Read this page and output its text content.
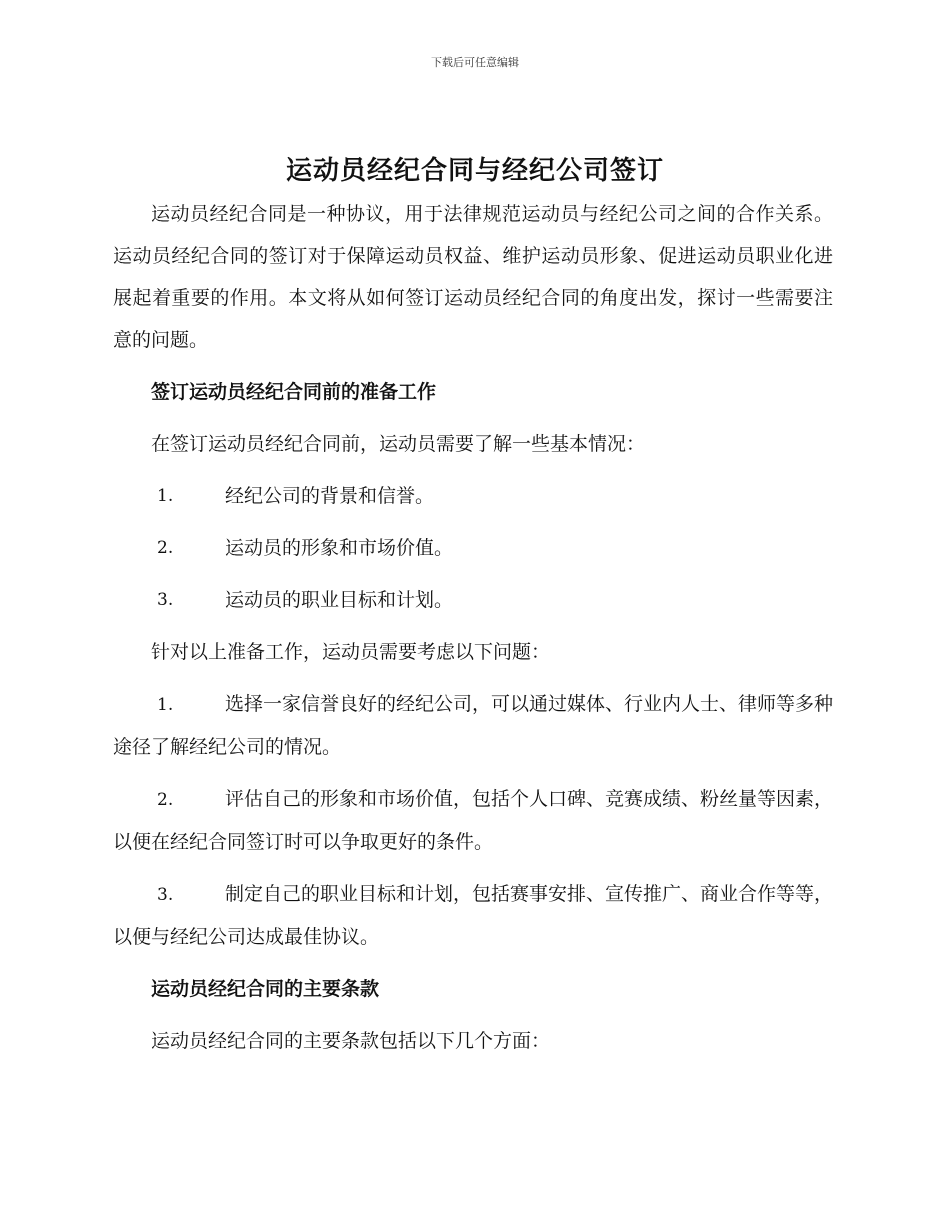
下载后可任意编辑
运动员经纪合同与经纪公司签订

运动员经纪合同是一种协议，用于法律规范运动员与经纪公司之间的合作关系。运动员经纪合同的签订对于保障运动员权益、维护运动员形象、促进运动员职业化进展起着重要的作用。本文将从如何签订运动员经纪合同的角度出发，探讨一些需要注意的问题。

签订运动员经纪合同前的准备工作

在签订运动员经纪合同前，运动员需要了解一些基本情况：

1.	经纪公司的背景和信誉。
2.	运动员的形象和市场价值。
3.	运动员的职业目标和计划。

针对以上准备工作，运动员需要考虑以下问题：

1.	选择一家信誉良好的经纪公司，可以通过媒体、行业内人士、律师等多种途径了解经纪公司的情况。

2.	评估自己的形象和市场价值，包括个人口碑、竞赛成绩、粉丝量等因素，以便在经纪合同签订时可以争取更好的条件。

3.	制定自己的职业目标和计划，包括赛事安排、宣传推广、商业合作等等，以便与经纪公司达成最佳协议。

运动员经纪合同的主要条款

运动员经纪合同的主要条款包括以下几个方面：
